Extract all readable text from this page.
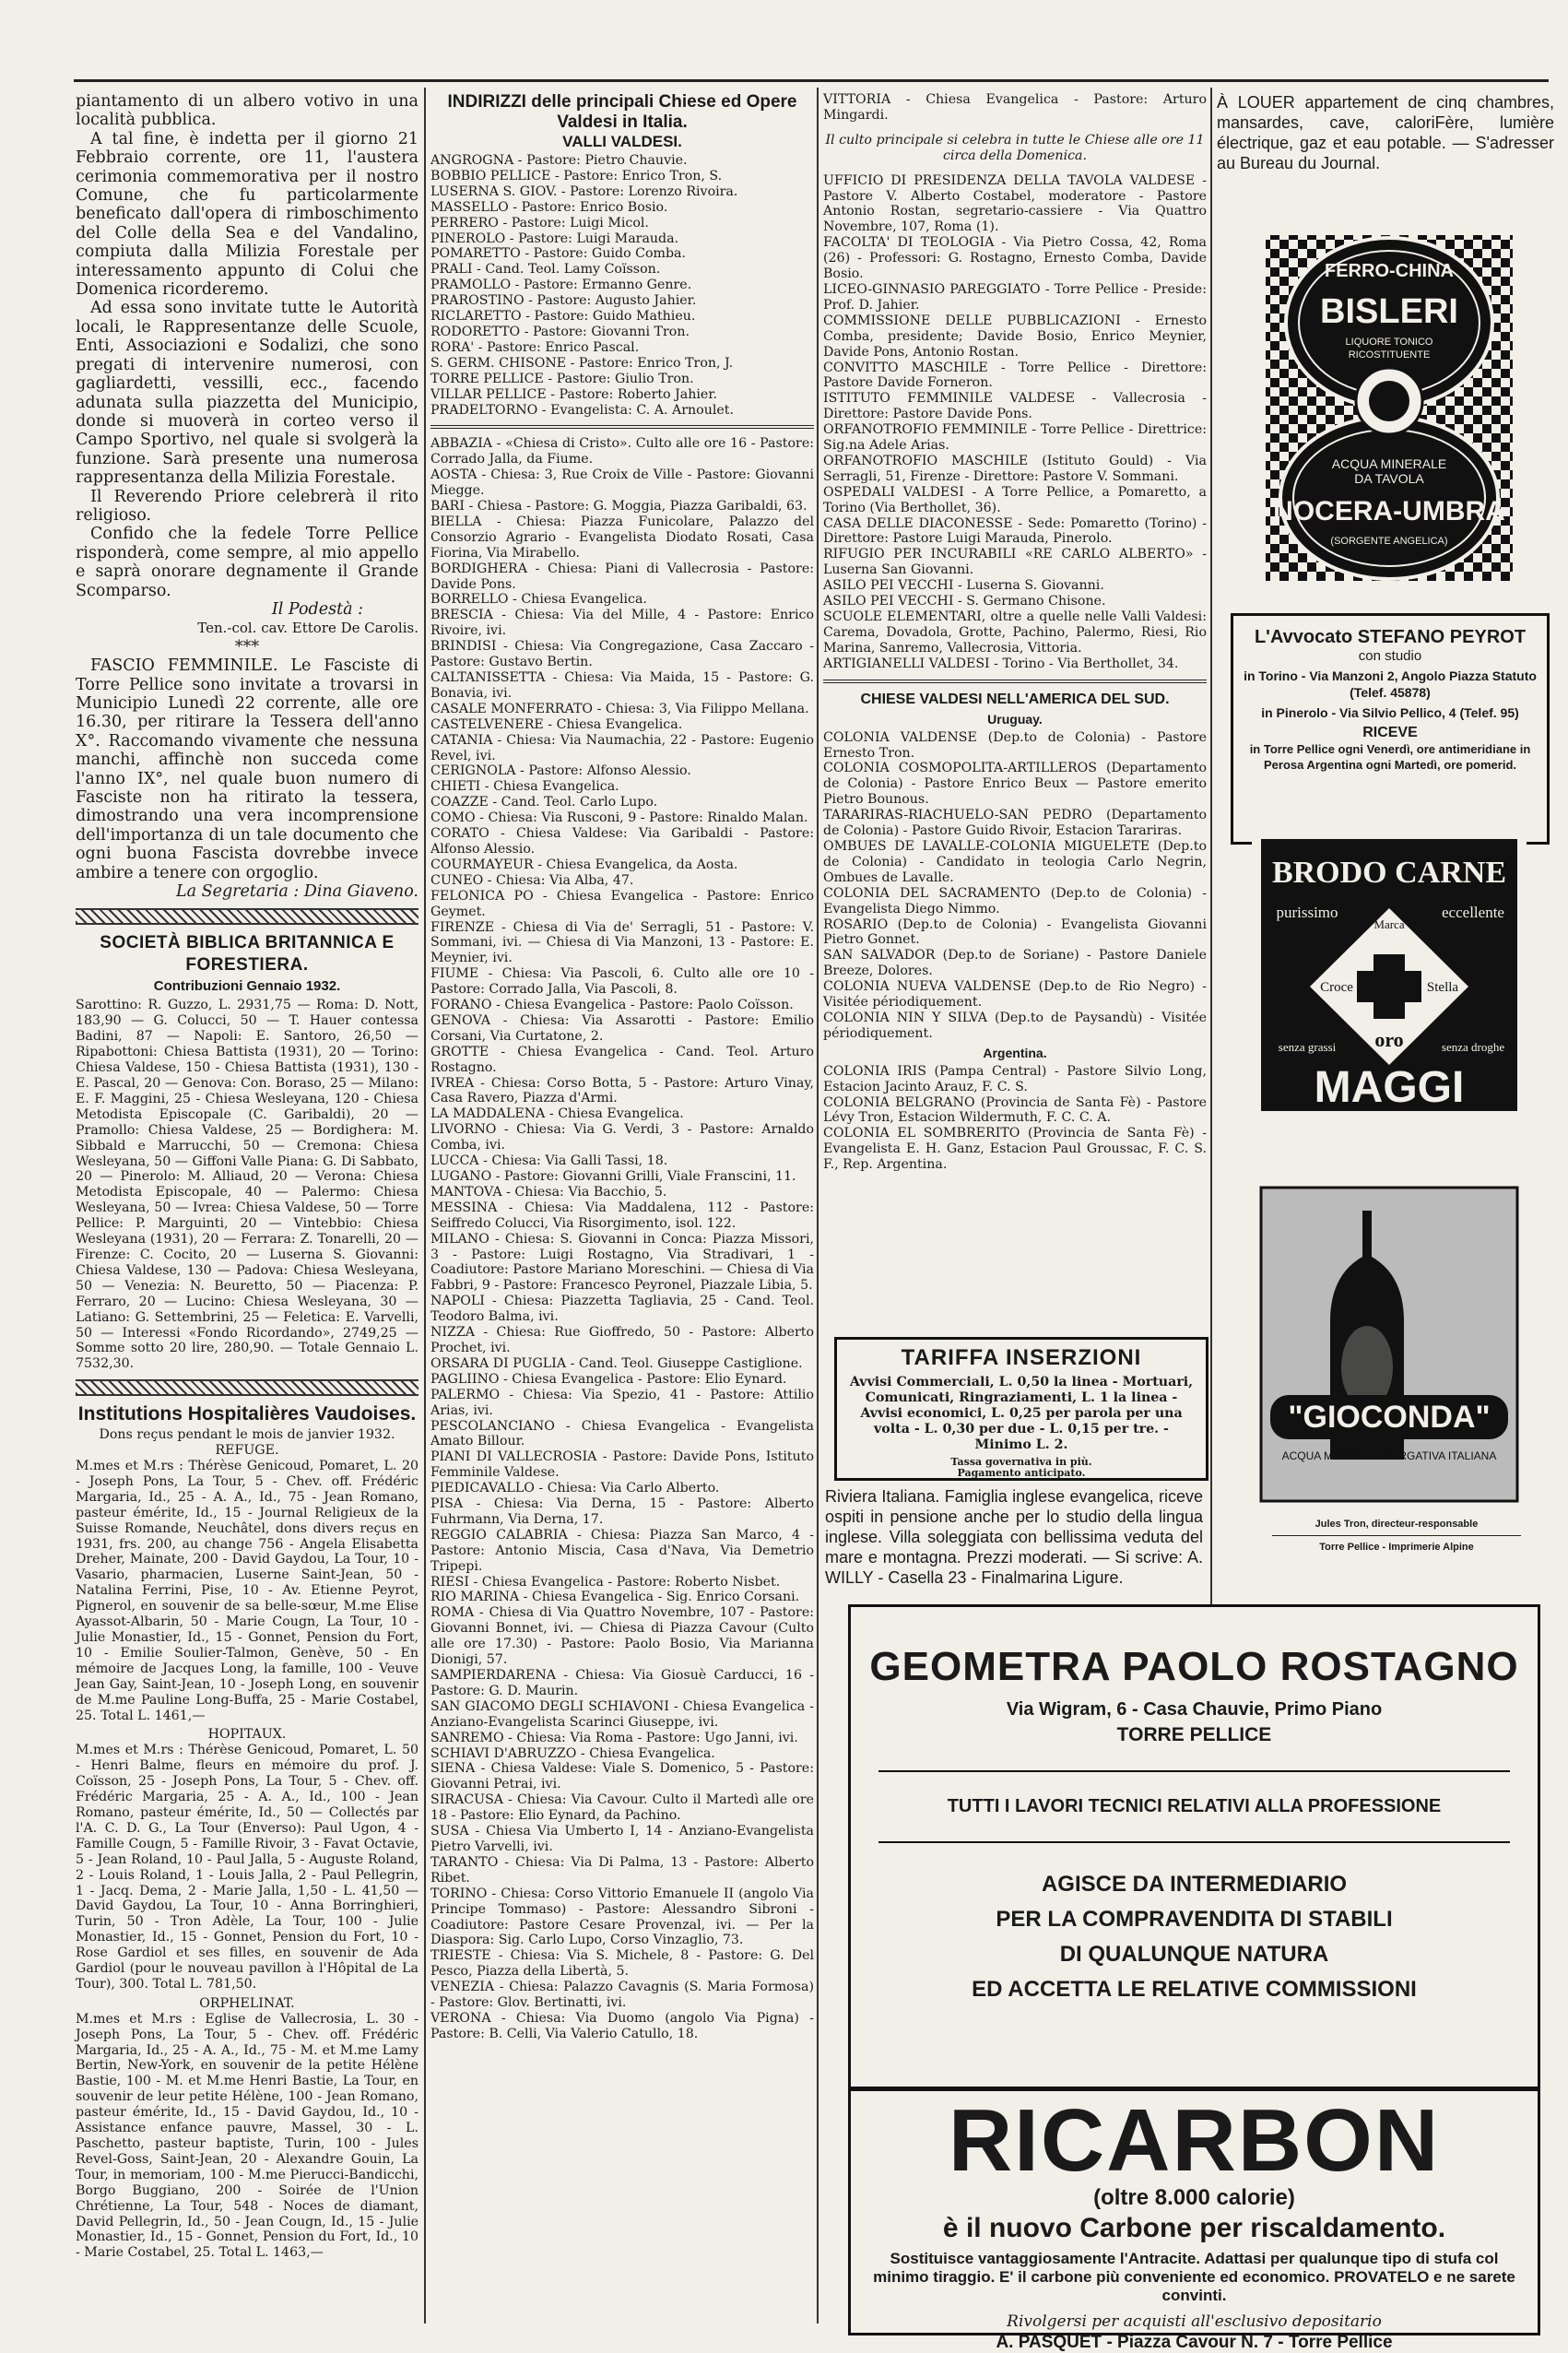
piantamento di un albero votivo in una località pubblica.

A tal fine, è indetta per il giorno 21 Febbraio corrente, ore 11, l'austera cerimonia commemorativa per il nostro Comune, che fu particolarmente beneficato dall'opera di rimboschimento del Colle della Sea e del Vandalino, compiuta dalla Milizia Forestale per interessamento appunto di Colui che Domenica ricorderemo.

Ad essa sono invitate tutte le Autorità locali, le Rappresentanze delle Scuole, Enti, Associazioni e Sodalizi, che sono pregati di intervenire numerosi, con gagliardetti, vessilli, ecc., facendo adunata sulla piazzetta del Municipio, donde si muoverà in corteo verso il Campo Sportivo, nel quale si svolgerà la funzione. Sarà presente una numerosa rappresentanza della Milizia Forestale.

Il Reverendo Priore celebrerà il rito religioso.

Confido che la fedele Torre Pellice risponderà, come sempre, al mio appello e saprà onorare degnamente il Grande Scomparso.

Il Podestà :

Ten.-col. cav. Ettore De Carolis.

***

FASCIO FEMMINILE. Le Fasciste di Torre Pellice sono invitate a trovarsi in Municipio Lunedì 22 corrente, alle ore 16.30, per ritirare la Tessera dell'anno X°. Raccomando vivamente che nessuna manchi, affinchè non succeda come l'anno IX°, nel quale buon numero di Fasciste non ha ritirato la tessera, dimostrando una vera incomprensione dell'importanza di un tale documento che ogni buona Fascista dovrebbe invece ambire a tenere con orgoglio.

La Segretaria : Dina Giaveno.

SOCIETÀ BIBLICA BRITANNICA E FORESTIERA.
Contribuzioni Gennaio 1932.
Sarottino: R. Guzzo, L. 2931,75 — Roma: D. Nott, 183,90 — G. Colucci, 50 — T. Hauer contessa Badini, 87 — Napoli: E. Santoro, 26,50 — Ripabottoni: Chiesa Battista (1931), 20 — Torino: Chiesa Valdese, 150 - Chiesa Battista (1931), 130 - E. Pascal, 20 — Genova: Con. Boraso, 25 — Milano: E. F. Maggini, 25 - Chiesa Wesleyana, 120 - Chiesa Metodista Episcopale (C. Garibaldi), 20 — Pramollo: Chiesa Valdese, 25 — Bordighera: M. Sibbald e Marrucchi, 50 — Cremona: Chiesa Wesleyana, 50 — Giffoni Valle Piana: G. Di Sabbato, 20 — Pinerolo: M. Alliaud, 20 — Verona: Chiesa Metodista Episcopale, 40 — Palermo: Chiesa Wesleyana, 50 — Ivrea: Chiesa Valdese, 50 — Torre Pellice: P. Marguinti, 20 — Vintebbio: Chiesa Wesleyana (1931), 20 — Ferrara: Z. Tonarelli, 20 — Firenze: C. Cocito, 20 — Luserna S. Giovanni: Chiesa Valdese, 130 — Padova: Chiesa Wesleyana, 50 — Venezia: N. Beuretto, 50 — Piacenza: P. Ferraro, 20 — Lucino: Chiesa Wesleyana, 30 — Latiano: G. Settembrini, 25 — Feletica: E. Varvelli, 50 — Interessi «Fondo Ricordando», 2749,25 — Somme sotto 20 lire, 280,90. — Totale Gennaio L. 7532,30.
Institutions Hospitalières Vaudoises.
Dons reçus pendant le mois de janvier 1932.
REFUGE.
M.mes et M.rs : Thérèse Genicoud, Pomaret, L. 20 - Joseph Pons, La Tour, 5 - Chev. off. Frédéric Margaria, Id., 25 - A. A., Id., 75 - Jean Romano, pasteur émérite, Id., 15 - Journal Religieux de la Suisse Romande, Neuchâtel, dons divers reçus en 1931, frs. 200, au change 756 - Angela Elisabetta Dreher, Mainate, 200 - David Gaydou, La Tour, 10 - Vasario, pharmacien, Luserne Saint-Jean, 50 - Natalina Ferrini, Pise, 10 - Av. Etienne Peyrot, Pignerol, en souvenir de sa belle-sœur, M.me Elise Ayassot-Albarin, 50 - Marie Cougn, La Tour, 10 - Julie Monastier, Id., 15 - Gonnet, Pension du Fort, 10 - Emilie Soulier-Talmon, Genève, 50 - En mémoire de Jacques Long, la famille, 100 - Veuve Jean Gay, Saint-Jean, 10 - Joseph Long, en souvenir de M.me Pauline Long-Buffa, 25 - Marie Costabel, 25. Total L. 1461,—
HOPITAUX.
M.mes et M.rs : Thérèse Genicoud, Pomaret, L. 50 - Henri Balme, fleurs en mémoire du prof. J. Coïsson, 25 - Joseph Pons, La Tour, 5 - Chev. off. Frédéric Margaria, 25 - A. A., Id., 100 - Jean Romano, pasteur émérite, Id., 50 — Collectés par l'A. C. D. G., La Tour (Enverso): Paul Ugon, 4 - Famille Cougn, 5 - Famille Rivoir, 3 - Favat Octavie, 5 - Jean Roland, 10 - Paul Jalla, 5 - Auguste Roland, 2 - Louis Roland, 1 - Louis Jalla, 2 - Paul Pellegrin, 1 - Jacq. Dema, 2 - Marie Jalla, 1,50 - L. 41,50 — David Gaydou, La Tour, 10 - Anna Borringhieri, Turin, 50 - Tron Adèle, La Tour, 100 - Julie Monastier, Id., 15 - Gonnet, Pension du Fort, 10 - Rose Gardiol et ses filles, en souvenir de Ada Gardiol (pour le nouveau pavillon à l'Hôpital de La Tour), 300. Total L. 781,50.
ORPHELINAT.
M.mes et M.rs : Eglise de Vallecrosia, L. 30 - Joseph Pons, La Tour, 5 - Chev. off. Frédéric Margaria, Id., 25 - A. A., Id., 75 - M. et M.me Lamy Bertin, New-York, en souvenir de la petite Hélène Bastie, 100 - M. et M.me Henri Bastie, La Tour, en souvenir de leur petite Hélène, 100 - Jean Romano, pasteur émérite, Id., 15 - David Gaydou, Id., 10 - Assistance enfance pauvre, Massel, 30 - L. Paschetto, pasteur baptiste, Turin, 100 - Jules Revel-Goss, Saint-Jean, 20 - Alexandre Gouin, La Tour, in memoriam, 100 - M.me Pierucci-Bandicchi, Borgo Buggiano, 200 - Soirée de l'Union Chrétienne, La Tour, 548 - Noces de diamant, David Pellegrin, Id., 50 - Jean Cougn, Id., 15 - Julie Monastier, Id., 15 - Gonnet, Pension du Fort, Id., 10 - Marie Costabel, 25. Total L. 1463,—
INDIRIZZI delle principali Chiese ed Opere Valdesi in Italia.
VALLI VALDESI.
ANGROGNA - Pastore: Pietro Chauvie.
BOBBIO PELLICE - Pastore: Enrico Tron, S.
LUSERNA S. GIOV. - Pastore: Lorenzo Rivoira.
MASSELLO - Pastore: Enrico Bosio.
PERRERO - Pastore: Luigi Micol.
PINEROLO - Pastore: Luigi Marauda.
POMARETTO - Pastore: Guido Comba.
PRALI - Cand. Teol. Lamy Coïsson.
PRAMOLLO - Pastore: Ermanno Genre.
PRAROSTINO - Pastore: Augusto Jahier.
RICLARETTO - Pastore: Guido Mathieu.
RODORETTO - Pastore: Giovanni Tron.
RORA' - Pastore: Enrico Pascal.
S. GERM. CHISONE - Pastore: Enrico Tron, J.
TORRE PELLICE - Pastore: Giulio Tron.
VILLAR PELLICE - Pastore: Roberto Jahier.
PRADELTORNO - Evangelista: C. A. Arnoulet.
ABBAZIA - «Chiesa di Cristo». Culto alle ore 16 - Pastore: Corrado Jalla, da Fiume.
AOSTA - Chiesa: 3, Rue Croix de Ville - Pastore: Giovanni Miegge.
BARI - Chiesa - Pastore: G. Moggia, Piazza Garibaldi, 63.
BIELLA - Chiesa: Piazza Funicolare, Palazzo del Consorzio Agrario - Evangelista Diodato Rosati, Casa Fiorina, Via Mirabello.
BORDIGHERA - Chiesa: Piani di Vallecrosia - Pastore: Davide Pons.
BORRELLO - Chiesa Evangelica.
BRESCIA - Chiesa: Via del Mille, 4 - Pastore: Enrico Rivoire, ivi.
BRINDISI - Chiesa: Via Congregazione, Casa Zaccaro - Pastore: Gustavo Bertin.
CALTANISSETTA - Chiesa: Via Maida, 15 - Pastore: G. Bonavia, ivi.
CASALE MONFERRATO - Chiesa: 3, Via Filippo Mellana.
CASTELVENERE - Chiesa Evangelica.
CATANIA - Chiesa: Via Naumachia, 22 - Pastore: Eugenio Revel, ivi.
CERIGNOLA - Pastore: Alfonso Alessio.
CHIETI - Chiesa Evangelica.
COAZZE - Cand. Teol. Carlo Lupo.
COMO - Chiesa: Via Rusconi, 9 - Pastore: Rinaldo Malan.
CORATO - Chiesa Valdese: Via Garibaldi - Pastore: Alfonso Alessio.
COURMAYEUR - Chiesa Evangelica, da Aosta.
CUNEO - Chiesa: Via Alba, 47.
FELONICA PO - Chiesa Evangelica - Pastore: Enrico Geymet.
FIRENZE - Chiesa di Via de' Serragli, 51 - Pastore: V. Sommani, ivi. — Chiesa di Via Manzoni, 13 - Pastore: E. Meynier, ivi.
FIUME - Chiesa: Via Pascoli, 6. Culto alle ore 10 - Pastore: Corrado Jalla, Via Pascoli, 8.
FORANO - Chiesa Evangelica - Pastore: Paolo Coïsson.
GENOVA - Chiesa: Via Assarotti - Pastore: Emilio Corsani, Via Curtatone, 2.
GROTTE - Chiesa Evangelica - Cand. Teol. Arturo Rostagno.
IVREA - Chiesa: Corso Botta, 5 - Pastore: Arturo Vinay, Casa Ravero, Piazza d'Armi.
LA MADDALENA - Chiesa Evangelica.
LIVORNO - Chiesa: Via G. Verdi, 3 - Pastore: Arnaldo Comba, ivi.
LUCCA - Chiesa: Via Galli Tassi, 18.
LUGANO - Pastore: Giovanni Grilli, Viale Franscini, 11.
MANTOVA - Chiesa: Via Bacchio, 5.
MESSINA - Chiesa: Via Maddalena, 112 - Pastore: Seiffredo Colucci, Via Risorgimento, isol. 122.
MILANO - Chiesa: S. Giovanni in Conca: Piazza Missori, 3 - Pastore: Luigi Rostagno, Via Stradivari, 1 - Coadiutore: Pastore Mariano Moreschini. — Chiesa di Via Fabbri, 9 - Pastore: Francesco Peyronel, Piazzale Libia, 5.
NAPOLI - Chiesa: Piazzetta Tagliavia, 25 - Cand. Teol. Teodoro Balma, ivi.
NIZZA - Chiesa: Rue Gioffredo, 50 - Pastore: Alberto Prochet, ivi.
ORSARA DI PUGLIA - Cand. Teol. Giuseppe Castiglione.
PAGLIINO - Chiesa Evangelica - Pastore: Elio Eynard.
PALERMO - Chiesa: Via Spezio, 41 - Pastore: Attilio Arias, ivi.
PESCOLANCIANO - Chiesa Evangelica - Evangelista Amato Billour.
PIANI DI VALLECROSIA - Pastore: Davide Pons, Istituto Femminile Valdese.
PIEDICAVALLO - Chiesa: Via Carlo Alberto.
PISA - Chiesa: Via Derna, 15 - Pastore: Alberto Fuhrmann, Via Derna, 17.
REGGIO CALABRIA - Chiesa: Piazza San Marco, 4 - Pastore: Antonio Miscia, Casa d'Nava, Via Demetrio Tripepi.
RIESI - Chiesa Evangelica - Pastore: Roberto Nisbet.
RIO MARINA - Chiesa Evangelica - Sig. Enrico Corsani.
ROMA - Chiesa di Via Quattro Novembre, 107 - Pastore: Giovanni Bonnet, ivi. — Chiesa di Piazza Cavour (Culto alle ore 17.30) - Pastore: Paolo Bosio, Via Marianna Dionigi, 57.
SAMPIERDARENA - Chiesa: Via Giosuè Carducci, 16 - Pastore: G. D. Maurin.
SAN GIACOMO DEGLI SCHIAVONI - Chiesa Evangelica - Anziano-Evangelista Scarinci Giuseppe, ivi.
SANREMO - Chiesa: Via Roma - Pastore: Ugo Janni, ivi.
SCHIAVI D'ABRUZZO - Chiesa Evangelica.
SIENA - Chiesa Valdese: Viale S. Domenico, 5 - Pastore: Giovanni Petrai, ivi.
SIRACUSA - Chiesa: Via Cavour. Culto il Martedì alle ore 18 - Pastore: Elio Eynard, da Pachino.
SUSA - Chiesa Via Umberto I, 14 - Anziano-Evangelista Pietro Varvelli, ivi.
TARANTO - Chiesa: Via Di Palma, 13 - Pastore: Alberto Ribet.
TORINO - Chiesa: Corso Vittorio Emanuele II (angolo Via Principe Tommaso) - Pastore: Alessandro Sibroni - Coadiutore: Pastore Cesare Provenzal, ivi. — Per la Diaspora: Sig. Carlo Lupo, Corso Vinzaglio, 73.
TRIESTE - Chiesa: Via S. Michele, 8 - Pastore: G. Del Pesco, Piazza della Libertà, 5.
VENEZIA - Chiesa: Palazzo Cavagnis (S. Maria Formosa) - Pastore: Glov. Bertinatti, ivi.
VERONA - Chiesa: Via Duomo (angolo Via Pigna) - Pastore: B. Celli, Via Valerio Catullo, 18.
VITTORIA - Chiesa Evangelica - Pastore: Arturo Mingardi.
Il culto principale si celebra in tutte le Chiese alle ore 11 circa della Domenica.
UFFICIO DI PRESIDENZA DELLA TAVOLA VALDESE - Pastore V. Alberto Costabel, moderatore - Pastore Antonio Rostan, segretario-cassiere - Via Quattro Novembre, 107, Roma (1).
FACOLTA' DI TEOLOGIA - Via Pietro Cossa, 42, Roma (26) - Professori: G. Rostagno, Ernesto Comba, Davide Bosio.
LICEO-GINNASIO PAREGGIATO - Torre Pellice - Preside: Prof. D. Jahier.
COMMISSIONE DELLE PUBBLICAZIONI - Ernesto Comba, presidente; Davide Bosio, Enrico Meynier, Davide Pons, Antonio Rostan.
CONVITTO MASCHILE - Torre Pellice - Direttore: Pastore Davide Forneron.
ISTITUTO FEMMINILE VALDESE - Vallecrosia - Direttore: Pastore Davide Pons.
ORFANOTROFIO FEMMINILE - Torre Pellice - Direttrice: Sig.na Adele Arias.
ORFANOTROFIO MASCHILE (Istituto Gould) - Via Serragli, 51, Firenze - Direttore: Pastore V. Sommani.
OSPEDALI VALDESI - A Torre Pellice, a Pomaretto, a Torino (Via Berthollet, 36).
CASA DELLE DIACONESSE - Sede: Pomaretto (Torino) - Direttore: Pastore Luigi Marauda, Pinerolo.
RIFUGIO PER INCURABILI «RE CARLO ALBERTO» - Luserna San Giovanni.
ASILO PEI VECCHI - Luserna S. Giovanni.
ASILO PEI VECCHI - S. Germano Chisone.
SCUOLE ELEMENTARI, oltre a quelle nelle Valli Valdesi: Carema, Dovadola, Grotte, Pachino, Palermo, Riesi, Rio Marina, Sanremo, Vallecrosia, Vittoria.
ARTIGIANELLI VALDESI - Torino - Via Berthollet, 34.
CHIESE VALDESI NELL'AMERICA DEL SUD.
Uruguay.
COLONIA VALDENSE (Dep.to de Colonia) - Pastore Ernesto Tron.
COLONIA COSMOPOLITA-ARTILLEROS (Departamento de Colonia) - Pastore Enrico Beux — Pastore emerito Pietro Bounous.
TARARIRAS-RIACHUELO-SAN PEDRO (Departamento de Colonia) - Pastore Guido Rivoir, Estacion Tarariras.
OMBUES DE LAVALLE-COLONIA MIGUELETE (Dep.to de Colonia) - Candidato in teologia Carlo Negrin, Ombues de Lavalle.
COLONIA DEL SACRAMENTO (Dep.to de Colonia) - Evangelista Diego Nimmo.
ROSARIO (Dep.to de Colonia) - Evangelista Giovanni Pietro Gonnet.
SAN SALVADOR (Dep.to de Soriane) - Pastore Daniele Breeze, Dolores.
COLONIA NUEVA VALDENSE (Dep.to de Rio Negro) - Visitée périodiquement.
COLONIA NIN Y SILVA (Dep.to de Paysandù) - Visitée périodiquement.
Argentina.
COLONIA IRIS (Pampa Central) - Pastore Silvio Long, Estacion Jacinto Arauz, F. C. S.
COLONIA BELGRANO (Provincia de Santa Fè) - Pastore Lévy Tron, Estacion Wildermuth, F. C. C. A.
COLONIA EL SOMBRERITO (Provincia de Santa Fè) - Evangelista E. H. Ganz, Estacion Paul Groussac, F. C. S. F., Rep. Argentina.
TARIFFA INSERZIONI
Avvisi Commerciali, L. 0,50 la linea - Mortuari, Comunicati, Ringraziamenti, L. 1 la linea - Avvisi economici, L. 0,25 per parola per una volta - L. 0,30 per due - L. 0,15 per tre. - Minimo L. 2.
Tassa governativa in più.
Pagamento anticipato.
Riviera Italiana. Famiglia inglese evangelica, riceve ospiti in pensione anche per lo studio della lingua inglese. Villa soleggiata con bellissima veduta del mare e montagna. Prezzi moderati. — Si scrive: A. WILLY - Casella 23 - Finalmarina Ligure.
À LOUER appartement de cinq chambres, mansardes, cave, caloriFère, lumière électrique, gaz et eau potable. — S'adresser au Bureau du Journal.
FERRO-CHINA
BISLERI
LIQUORE TONICO
RICOSTITUENTE
ACQUA MINERALE
DA TAVOLA
NOCERA-UMBRA
(SORGENTE ANGELICA)
L'Avvocato STEFANO PEYROT
con studio
in Torino - Via Manzoni 2, Angolo Piazza Statuto (Telef. 45878)
in Pinerolo - Via Silvio Pellico, 4 (Telef. 95)
RICEVE
in Torre Pellice ogni Venerdì, ore antimeridiane in Perosa Argentina ogni Martedì, ore pomerid.
BRODO CARNE
purissimo
Marca
eccellente
Croce	Stella
senza grassi oro	senza droghe
MAGGI
"GIOCONDA"
ACQUA MINERALE PURGATIVA ITALIANA
Jules Tron, directeur-responsable
Torre Pellice - Imprimerie Alpine
GEOMETRA PAOLO ROSTAGNO
Via Wigram, 6 - Casa Chauvie, Primo Piano
TORRE PELLICE
TUTTI I LAVORI TECNICI RELATIVI ALLA PROFESSIONE
AGISCE DA INTERMEDIARIO
PER LA COMPRAVENDITA DI STABILI
DI QUALUNQUE NATURA
ED ACCETTA LE RELATIVE COMMISSIONI
RICARBON
(oltre 8.000 calorie)
è il nuovo Carbone per riscaldamento.
Sostituisce vantaggiosamente l'Antracite. Adattasi per qualunque tipo di stufa col minimo tiraggio. E' il carbone più conveniente ed economico. PROVATELO e ne sarete convinti.
Rivolgersi per acquisti all'esclusivo depositario
A. PASQUET - Piazza Cavour N. 7 - Torre Pellice
